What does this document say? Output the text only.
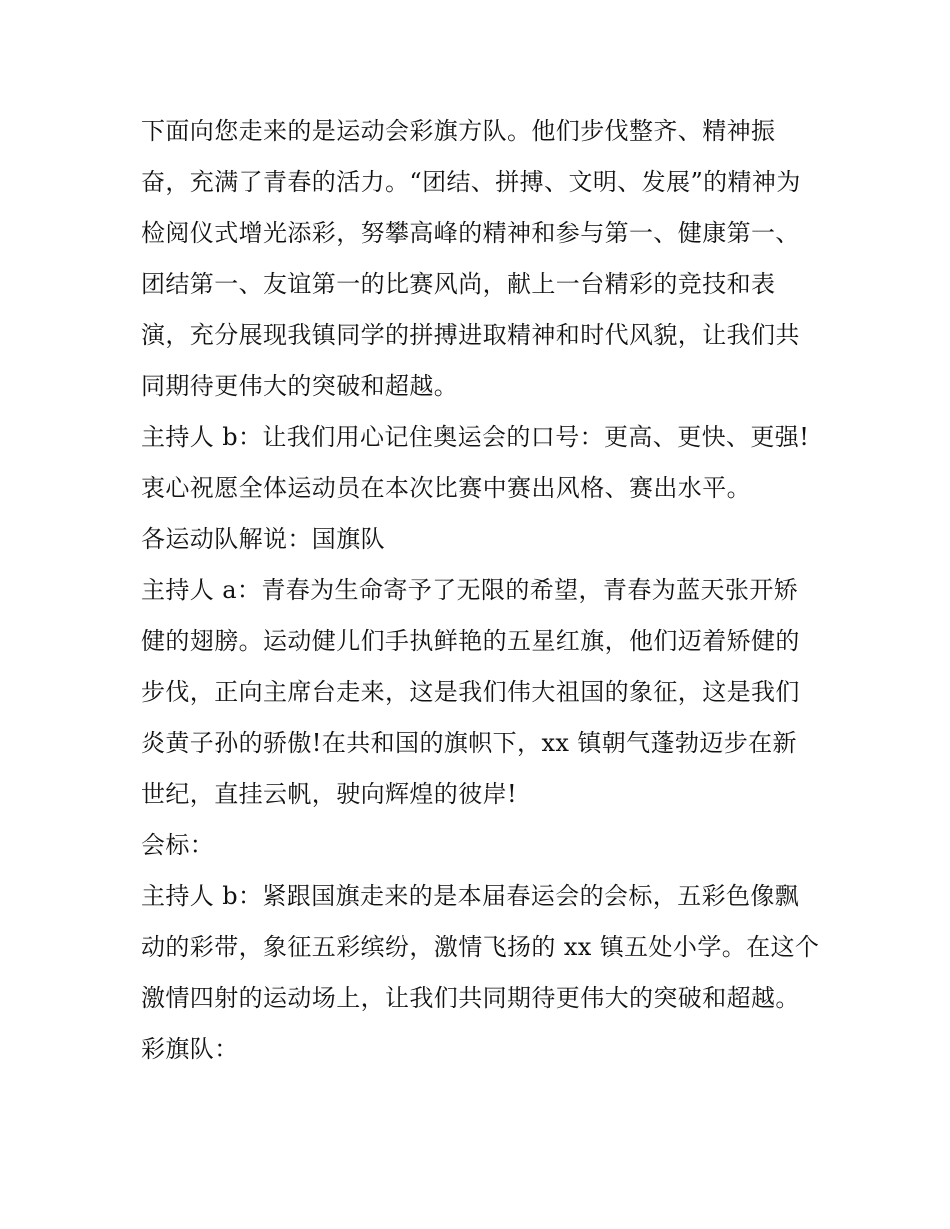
下面向您走来的是运动会彩旗方队。他们步伐整齐、精神振奋，充满了青春的活力。“团结、拼搏、文明、发展”的精神为检阅仪式增光添彩，努攀高峰的精神和参与第一、健康第一、团结第一、友谊第一的比赛风尚，献上一台精彩的竞技和表演，充分展现我镇同学的拼搏进取精神和时代风貌，让我们共同期待更伟大的突破和超越。

主持人 b：让我们用心记住奥运会的口号：更高、更快、更强!衷心祝愿全体运动员在本次比赛中赛出风格、赛出水平。

各运动队解说：国旗队

主持人 a：青春为生命寄予了无限的希望，青春为蓝天张开矫健的翅膀。运动健儿们手执鲜艳的五星红旗，他们迈着矫健的步伐，正向主席台走来，这是我们伟大祖国的象征，这是我们炎黄子孙的骄傲!在共和国的旗帜下，xx 镇朝气蓬勃迈步在新世纪，直挂云帆，驶向辉煌的彼岸!

会标：

主持人 b：紧跟国旗走来的是本届春运会的会标，五彩色像飘动的彩带，象征五彩缤纷，激情飞扬的 xx 镇五处小学。在这个激情四射的运动场上，让我们共同期待更伟大的突破和超越。

彩旗队：
